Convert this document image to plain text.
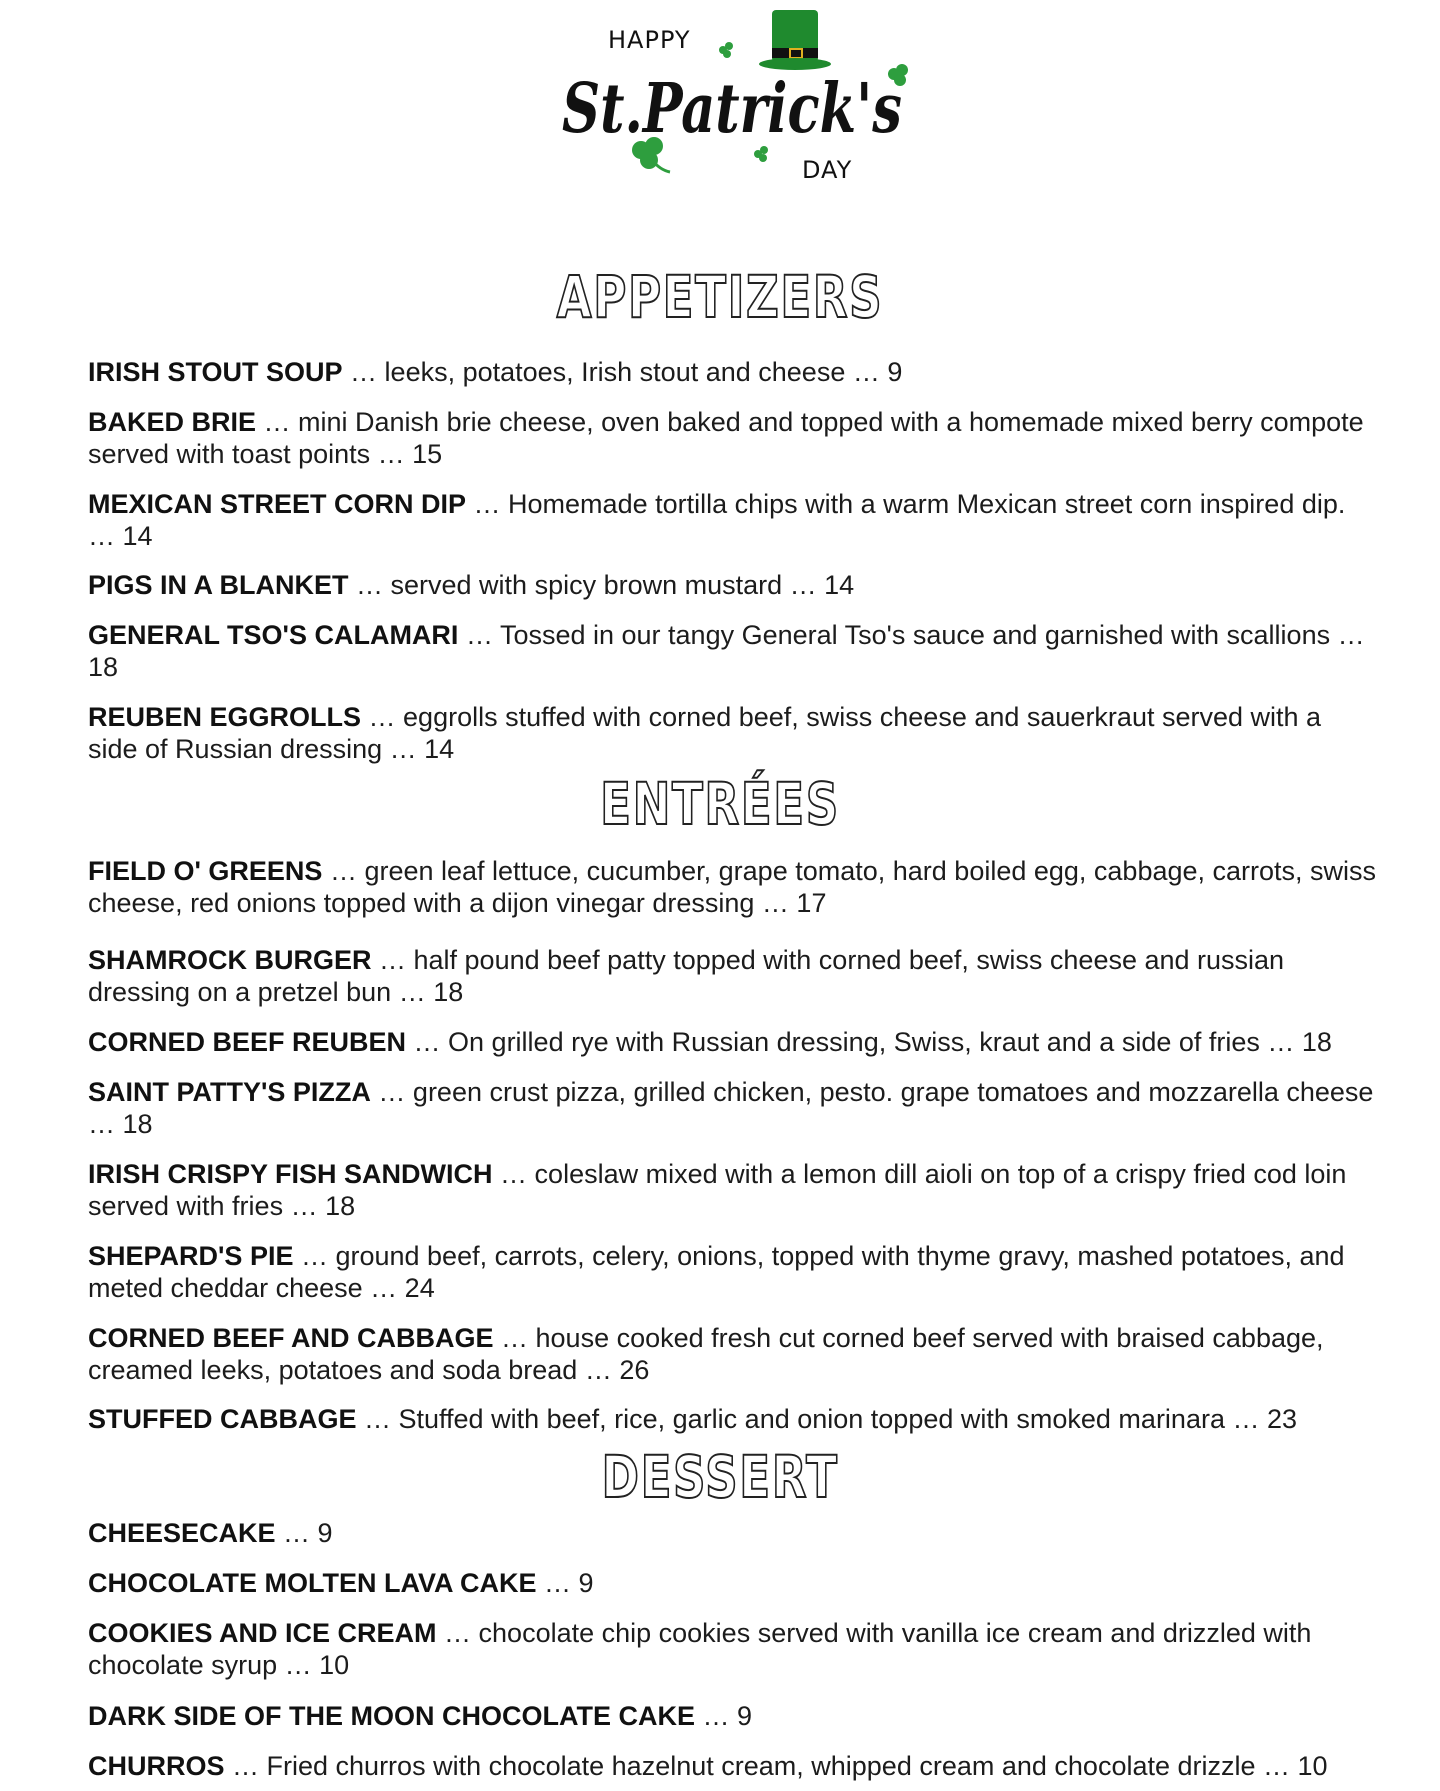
HAPPY
St.Patrick's
DAY
APPETIZERS

IRISH STOUT SOUP … leeks, potatoes, Irish stout and cheese … 9

BAKED BRIE … mini Danish brie cheese, oven baked and topped with a homemade mixed berry compote served with toast points … 15

MEXICAN STREET CORN DIP … Homemade tortilla chips with a warm Mexican street corn inspired dip. … 14

PIGS IN A BLANKET … served with spicy brown mustard … 14

GENERAL TSO'S CALAMARI … Tossed in our tangy General Tso's sauce and garnished with scallions … 18

REUBEN EGGROLLS … eggrolls stuffed with corned beef, swiss cheese and sauerkraut served with a side of Russian dressing … 14

ENTRÉES

FIELD O' GREENS … green leaf lettuce, cucumber, grape tomato, hard boiled egg, cabbage, carrots, swiss cheese, red onions topped with a dijon vinegar dressing … 17

SHAMROCK BURGER … half pound beef patty topped with corned beef, swiss cheese and russian dressing on a pretzel bun … 18

CORNED BEEF REUBEN … On grilled rye with Russian dressing, Swiss, kraut and a side of fries … 18

SAINT PATTY'S PIZZA … green crust pizza, grilled chicken, pesto. grape tomatoes and mozzarella cheese … 18

IRISH CRISPY FISH SANDWICH … coleslaw mixed with a lemon dill aioli on top of a crispy fried cod loin served with fries … 18

SHEPARD'S PIE … ground beef, carrots, celery, onions, topped with thyme gravy, mashed potatoes, and meted cheddar cheese … 24

CORNED BEEF AND CABBAGE … house cooked fresh cut corned beef served with braised cabbage, creamed leeks, potatoes and soda bread … 26

STUFFED CABBAGE … Stuffed with beef, rice, garlic and onion topped with smoked marinara … 23

DESSERT

CHEESECAKE … 9

CHOCOLATE MOLTEN LAVA CAKE … 9

COOKIES AND ICE CREAM … chocolate chip cookies served with vanilla ice cream and drizzled with chocolate syrup … 10

DARK SIDE OF THE MOON CHOCOLATE CAKE … 9

CHURROS … Fried churros with chocolate hazelnut cream, whipped cream and chocolate drizzle … 10
